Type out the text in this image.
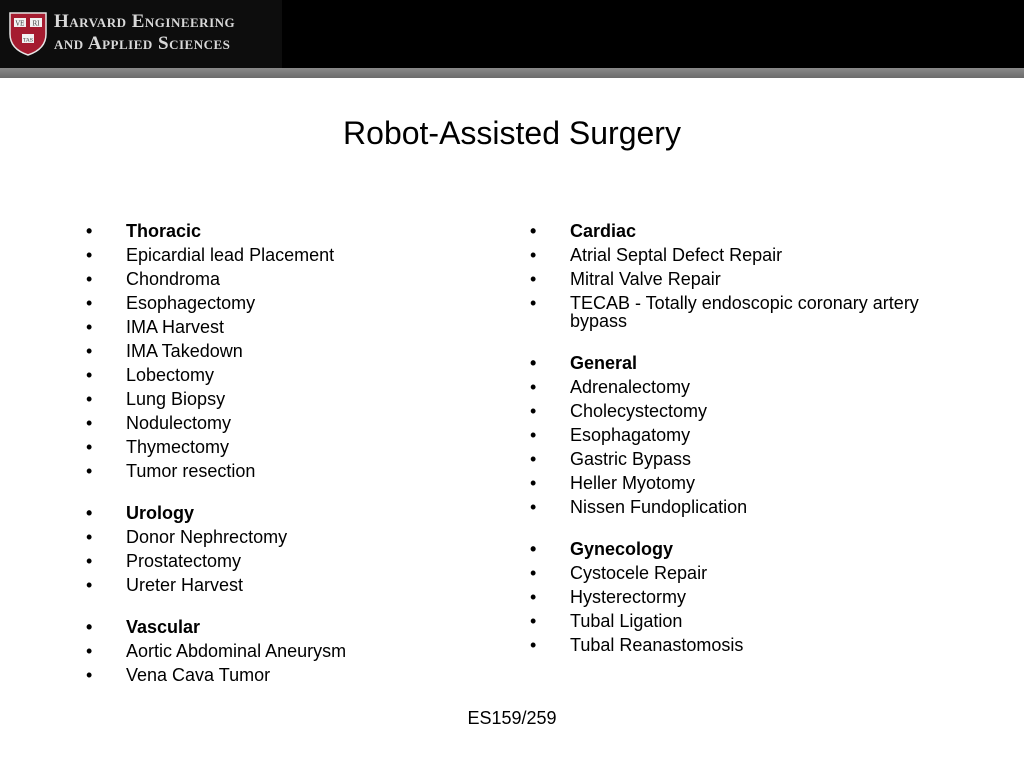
VE RI
TAS
Harvard Engineering
and Applied Sciences
Robot-Assisted Surgery
• Thoracic
• Epicardial lead Placement
• Chondroma
• Esophagectomy
• IMA Harvest
• IMA Takedown
• Lobectomy
• Lung Biopsy
• Nodulectomy
• Thymectomy
• Tumor resection
• Urology
• Donor Nephrectomy
• Prostatectomy
• Ureter Harvest
• Vascular
• Aortic Abdominal Aneurysm
• Vena Cava Tumor
• Cardiac
• Atrial Septal Defect Repair
• Mitral Valve Repair
• TECAB - Totally endoscopic coronary artery bypass
• General
• Adrenalectomy
• Cholecystectomy
• Esophagatomy
• Gastric Bypass
• Heller Myotomy
• Nissen Fundoplication
• Gynecology
• Cystocele Repair
• Hysterectormy
• Tubal Ligation
• Tubal Reanastomosis
ES159/259
